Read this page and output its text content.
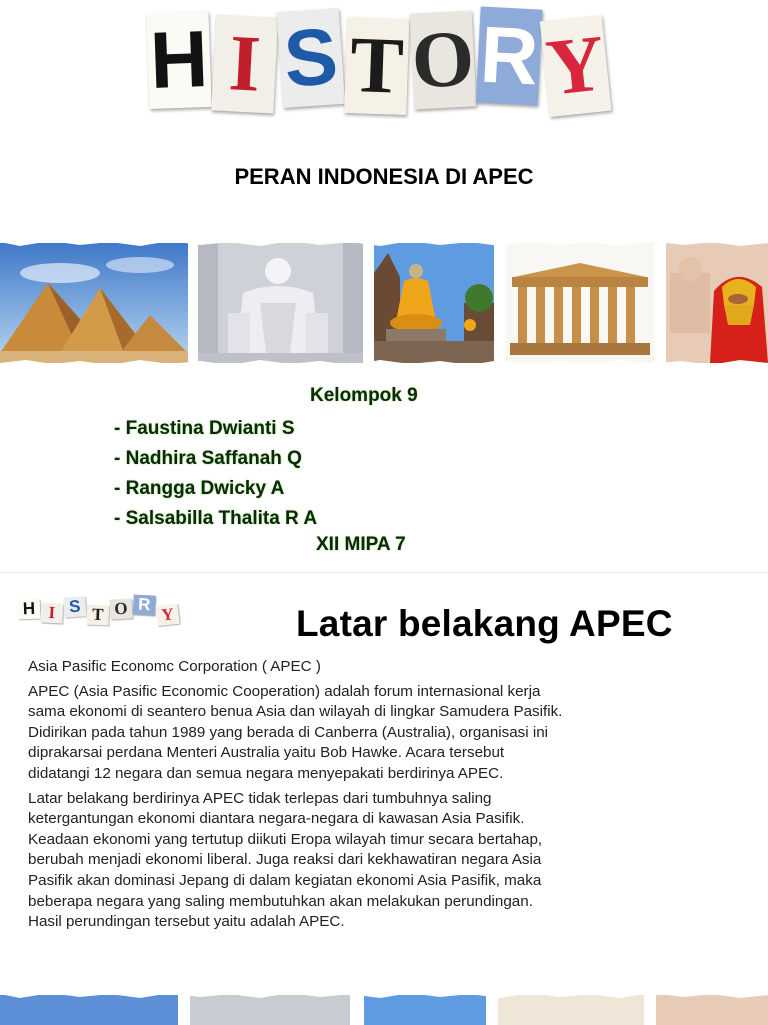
H I S T O R Y
PERAN INDONESIA DI APEC
Kelompok 9
- Faustina Dwianti S
- Nadhira Saffanah Q
- Rangga Dwicky A
- Salsabilla Thalita R A
XII MIPA 7
H I S T O R Y	Latar belakang APEC

Asia Pasific Economc Corporation ( APEC )

APEC (Asia Pasific Economic Cooperation) adalah forum internasional kerja sama ekonomi di seantero benua Asia dan wilayah di lingkar Samudera Pasifik. Didirikan pada tahun 1989 yang berada di Canberra (Australia), organisasi ini diprakarsai perdana Menteri Australia yaitu Bob Hawke. Acara tersebut didatangi 12 negara dan semua negara menyepakati berdirinya APEC.

Latar belakang berdirinya APEC tidak terlepas dari tumbuhnya saling ketergantungan ekonomi diantara negara-negara di kawasan Asia Pasifik. Keadaan ekonomi yang tertutup diikuti Eropa wilayah timur secara bertahap, berubah menjadi ekonomi liberal. Juga reaksi dari kekhawatiran negara Asia Pasifik akan dominasi Jepang di dalam kegiatan ekonomi Asia Pasifik, maka beberapa negara yang saling membutuhkan akan melakukan perundingan. Hasil perundingan tersebut yaitu adalah APEC.
